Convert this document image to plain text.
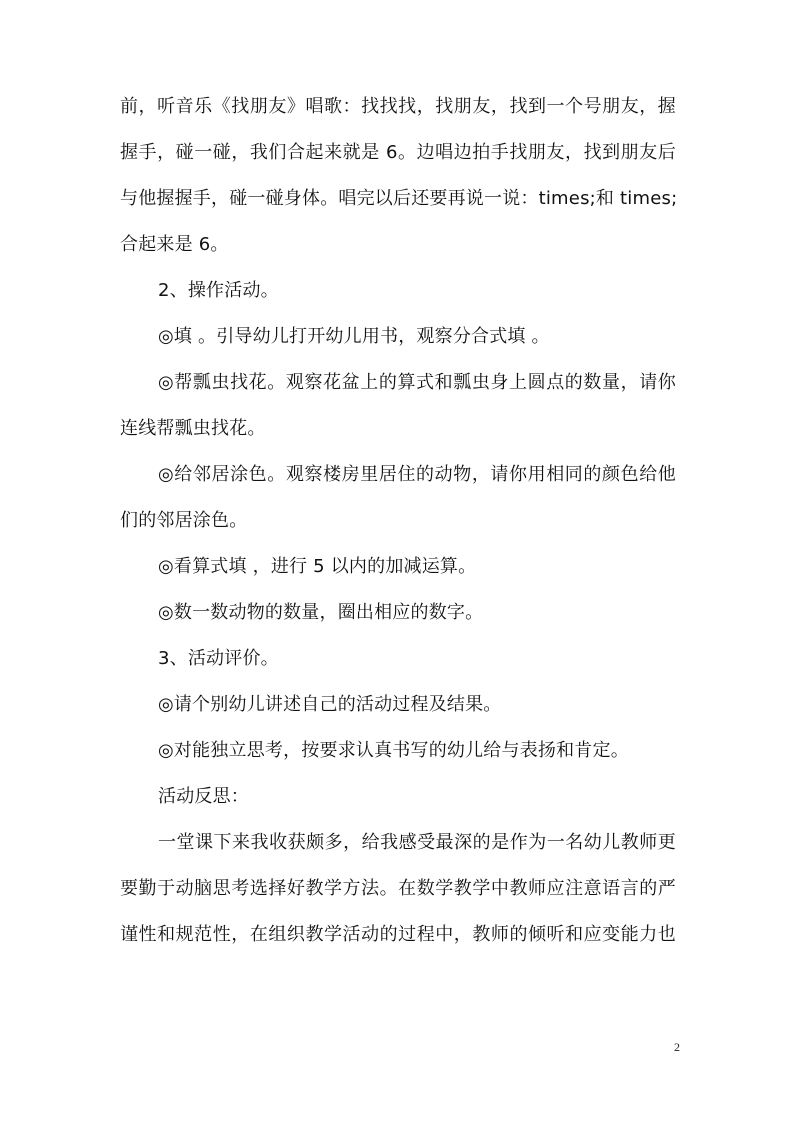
前，听音乐《找朋友》唱歌：找找找，找朋友，找到一个号朋友，握
握手，碰一碰，我们合起来就是 6。边唱边拍手找朋友，找到朋友后
与他握握手，碰一碰身体。唱完以后还要再说一说：times;和 times;
合起来是 6。
2、操作活动。
◎填 。引导幼儿打开幼儿用书，观察分合式填 。
◎帮瓢虫找花。观察花盆上的算式和瓢虫身上圆点的数量，请你
连线帮瓢虫找花。
◎给邻居涂色。观察楼房里居住的动物，请你用相同的颜色给他
们的邻居涂色。
◎看算式填 ，进行 5 以内的加减运算。
◎数一数动物的数量，圈出相应的数字。
3、活动评价。
◎请个别幼儿讲述自己的活动过程及结果。
◎对能独立思考，按要求认真书写的幼儿给与表扬和肯定。
活动反思：
一堂课下来我收获颇多，给我感受最深的是作为一名幼儿教师更
要勤于动脑思考选择好教学方法。在数学教学中教师应注意语言的严
谨性和规范性，在组织教学活动的过程中，教师的倾听和应变能力也
2
